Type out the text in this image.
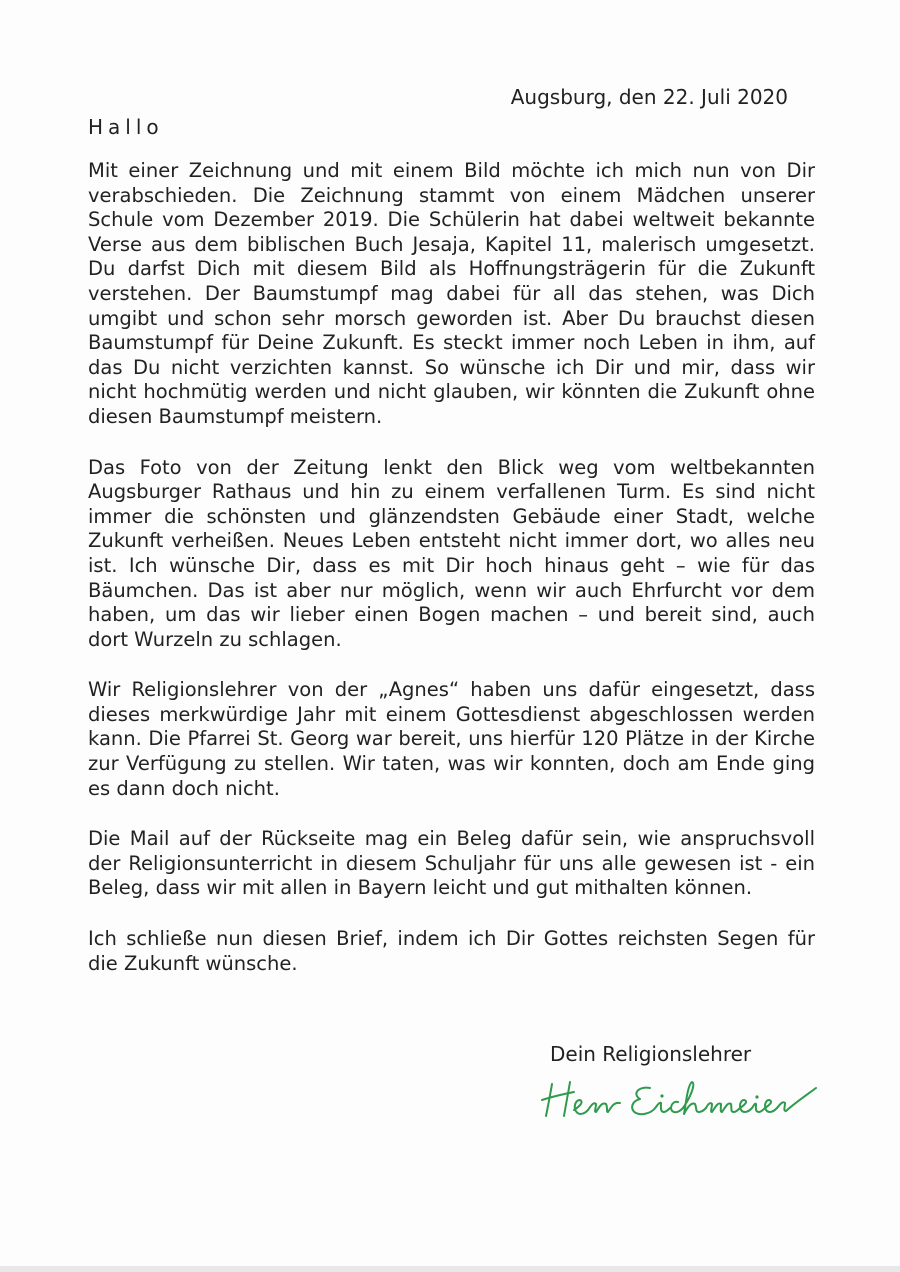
Augsburg, den 22. Juli 2020
Hallo

Mit einer Zeichnung und mit einem Bild möchte ich mich nun von Dir verabschieden. Die Zeichnung stammt von einem Mädchen unserer Schule vom Dezember 2019. Die Schülerin hat dabei weltweit bekannte Verse aus dem biblischen Buch Jesaja, Kapitel 11, malerisch umgesetzt. Du darfst Dich mit diesem Bild als Hoffnungsträgerin für die Zukunft verstehen. Der Baumstumpf mag dabei für all das stehen, was Dich umgibt und schon sehr morsch geworden ist. Aber Du brauchst diesen Baumstumpf für Deine Zukunft. Es steckt immer noch Leben in ihm, auf das Du nicht verzichten kannst. So wünsche ich Dir und mir, dass wir nicht hochmütig werden und nicht glauben, wir könnten die Zukunft ohne diesen Baumstumpf meistern.

Das Foto von der Zeitung lenkt den Blick weg vom weltbekannten Augsburger Rathaus und hin zu einem verfallenen Turm. Es sind nicht immer die schönsten und glänzendsten Gebäude einer Stadt, welche Zukunft verheißen. Neues Leben entsteht nicht immer dort, wo alles neu ist. Ich wünsche Dir, dass es mit Dir hoch hinaus geht – wie für das Bäumchen. Das ist aber nur möglich, wenn wir auch Ehrfurcht vor dem haben, um das wir lieber einen Bogen machen – und bereit sind, auch dort Wurzeln zu schlagen.

Wir Religionslehrer von der „Agnes“ haben uns dafür eingesetzt, dass dieses merkwürdige Jahr mit einem Gottesdienst abgeschlossen werden kann. Die Pfarrei St. Georg war bereit, uns hierfür 120 Plätze in der Kirche zur Verfügung zu stellen. Wir taten, was wir konnten, doch am Ende ging es dann doch nicht.

Die Mail auf der Rückseite mag ein Beleg dafür sein, wie anspruchsvoll der Religionsunterricht in diesem Schuljahr für uns alle gewesen ist - ein Beleg, dass wir mit allen in Bayern leicht und gut mithalten können.

Ich schließe nun diesen Brief, indem ich Dir Gottes reichsten Segen für die Zukunft wünsche.

Dein Religionslehrer
